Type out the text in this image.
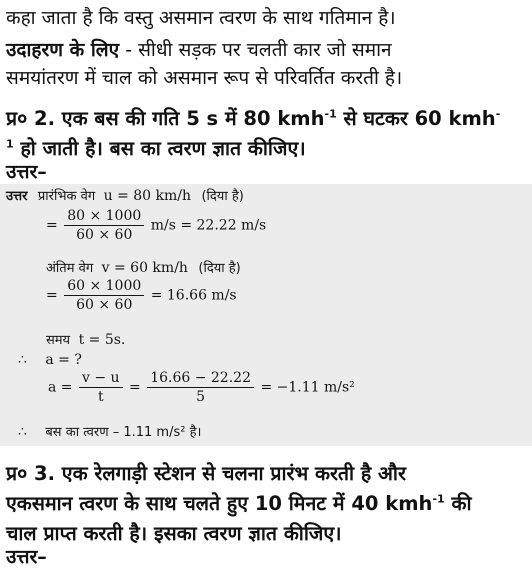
कहा जाता है कि वस्तु असमान त्वरण के साथ गतिमान है।
उदाहरण के लिए - सीधी सड़क पर चलती कार जो समान
समयांतरण में चाल को असमान रूप से परिवर्तित करती है।
प्र० 2. एक बस की गति 5 s में 80 kmh$^{-1}$ से घटकर 60 kmh-
$^1$ हो जाती है। बस का त्वरण ज्ञात कीजिए।
उत्तर–
उत्तर प्रारंभिक वेग u = 80 km/h (दिया है)
= $\frac{80 \times 1000}{60 \times 60} m/s = 22.22$ m/s
अंतिम वेग v = 60 km/h (दिया है)
= $\frac{60 \times 1000}{60 \times 60} = 16.66$ m/s
समय t = 5s.
∴ a = ?
$a = \frac{v - u}{t} = \frac{16.66 - 22.22}{5} = -1.11$ m/s²
∴ बस का त्वरण – 1.11 m/s² है।
प्र० 3. एक रेलगाड़ी स्टेशन से चलना प्रारंभ करती है और
एकसमान त्वरण के साथ चलते हुए 10 मिनट में 40 kmh$^{-1}$ की
चाल प्राप्त करती है। इसका त्वरण ज्ञात कीजिए।
उत्तर–
